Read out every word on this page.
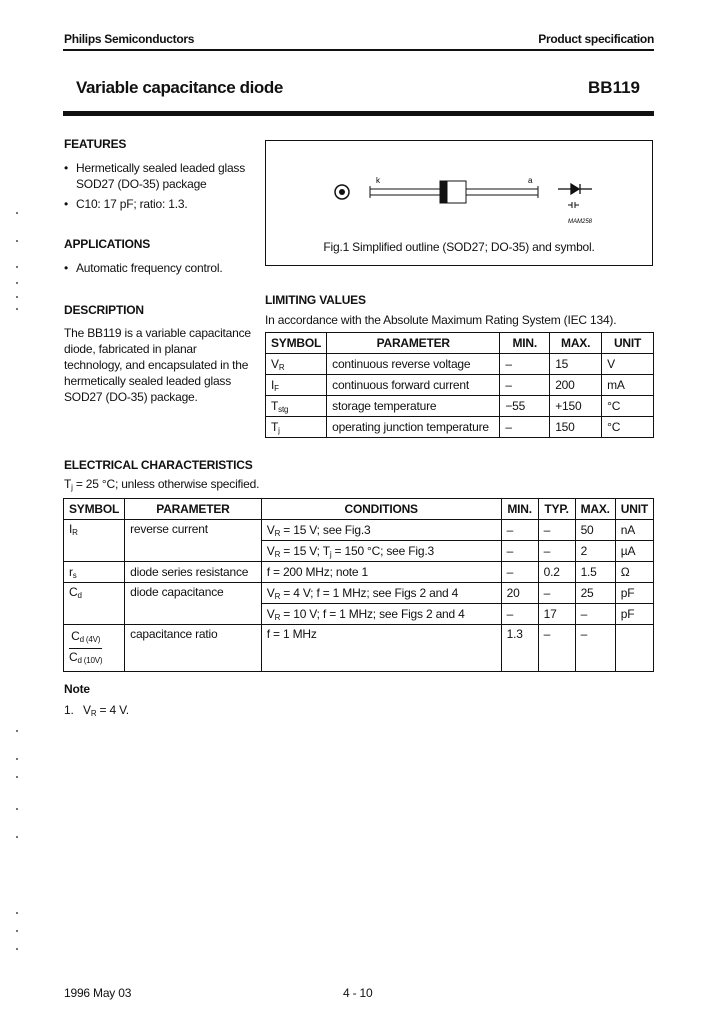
Philips Semiconductors	Product specification
Variable capacitance diode	BB119
FEATURES
• Hermetically sealed leaded glass SOD27 (DO-35) package
• C10: 17 pF; ratio: 1.3.
APPLICATIONS
• Automatic frequency control.
DESCRIPTION
The BB119 is a variable capacitance diode, fabricated in planar technology, and encapsulated in the hermetically sealed leaded glass SOD27 (DO-35) package.
k	a
MAM258
Fig.1 Simplified outline (SOD27; DO-35) and symbol.
LIMITING VALUES
In accordance with the Absolute Maximum Rating System (IEC 134).
SYMBOL	PARAMETER	MIN.	MAX.	UNIT
$V_R$	continuous reverse voltage	–	15	V
$I_F$	continuous forward current	–	200	mA
$T_{stg}$	storage temperature	−55	+150	°C
$T_j$	operating junction temperature	–	150	°C
ELECTRICAL CHARACTERISTICS
$T_j = 25$ °C; unless otherwise specified.
SYMBOL	PARAMETER	CONDITIONS	MIN.	TYP.	MAX.	UNIT
$I_R$	reverse current	$V_R = 15$ V; see Fig.3	–	–	50	nA
		$V_R = 15$ V; $T_j = 150$ °C; see Fig.3	–	–	2	µA
$r_s$	diode series resistance	f = 200 MHz; note 1	–	0.2	1.5	Ω
$C_d$	diode capacitance	$V_R = 4$ V; f = 1 MHz; see Figs 2 and 4	20	–	25	pF
		$V_R = 10$ V; f = 1 MHz; see Figs 2 and 4	–	17	–	pF

$\frac{C_{d (4V)}}{C_{d (10V)}}$	capacitance ratio	f = 1 MHz	1.3	–	–	
Note
1. $V_R = 4$ V.
1996 May 03	4 - 10
